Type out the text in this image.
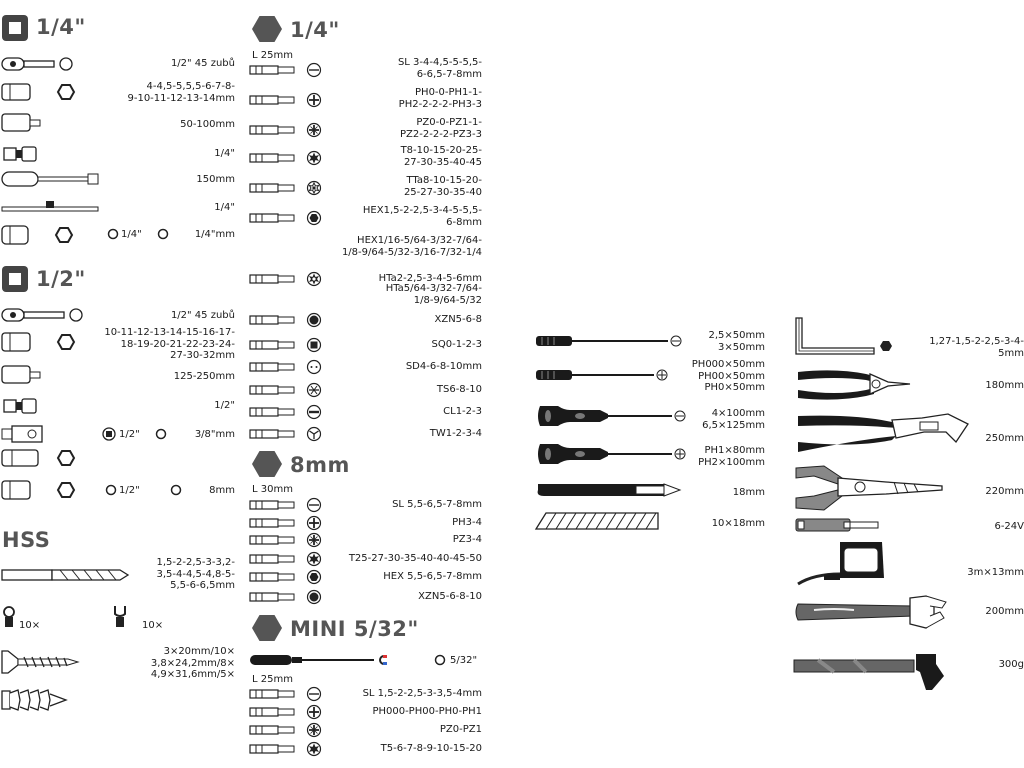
1/4"
1/2" 45 zubů
4-4,5-5,5,5-6-7-8-
9-10-11-12-13-14mm
50-100mm
1/4"
150mm
1/4"
1/4"	1/4"mm
1/2"
1/2" 45 zubů
10-11-12-13-14-15-16-17-
18-19-20-21-22-23-24-
27-30-32mm
125-250mm
1/2"
1/2"	3/8"mm
1/2"	8mm
HSS
1,5-2-2,5-3-3,2-
3,5-4-4,5-4,8-5-
5,5-6-6,5mm
10×	10×
3×20mm/10×
3,8×24,2mm/8×
4,9×31,6mm/5×
1/4"
L 25mm
SL 3-4-4,5-5-5,5-
6-6,5-7-8mm
PH0-0-PH1-1-
PH2-2-2-2-PH3-3
PZ0-0-PZ1-1-
PZ2-2-2-2-PZ3-3
T8-10-15-20-25-
27-30-35-40-45
TTa8-10-15-20-
25-27-30-35-40
HEX1,5-2-2,5-3-4-5-5,5-
6-8mm
HEX1/16-5/64-3/32-7/64-
1/8-9/64-5/32-3/16-7/32-1/4
HTa2-2,5-3-4-5-6mm
HTa5/64-3/32-7/64-
1/8-9/64-5/32
XZN5-6-8
SQ0-1-2-3
SD4-6-8-10mm
TS6-8-10
CL1-2-3
TW1-2-3-4
8mm
L 30mm
SL 5,5-6,5-7-8mm
PH3-4
PZ3-4
T25-27-30-35-40-40-45-50
HEX 5,5-6,5-7-8mm
XZN5-6-8-10
MINI 5/32"
5/32"
L 25mm
SL 1,5-2-2,5-3-3,5-4mm
PH000-PH00-PH0-PH1
PZ0-PZ1
T5-6-7-8-9-10-15-20
2,5×50mm
3×50mm
PH000×50mm
PH00×50mm
PH0×50mm
4×100mm
6,5×125mm
PH1×80mm
PH2×100mm
18mm
10×18mm
1,27-1,5-2-2,5-3-4-
5mm
180mm
250mm
220mm
6-24V
3m×13mm
200mm
300g
